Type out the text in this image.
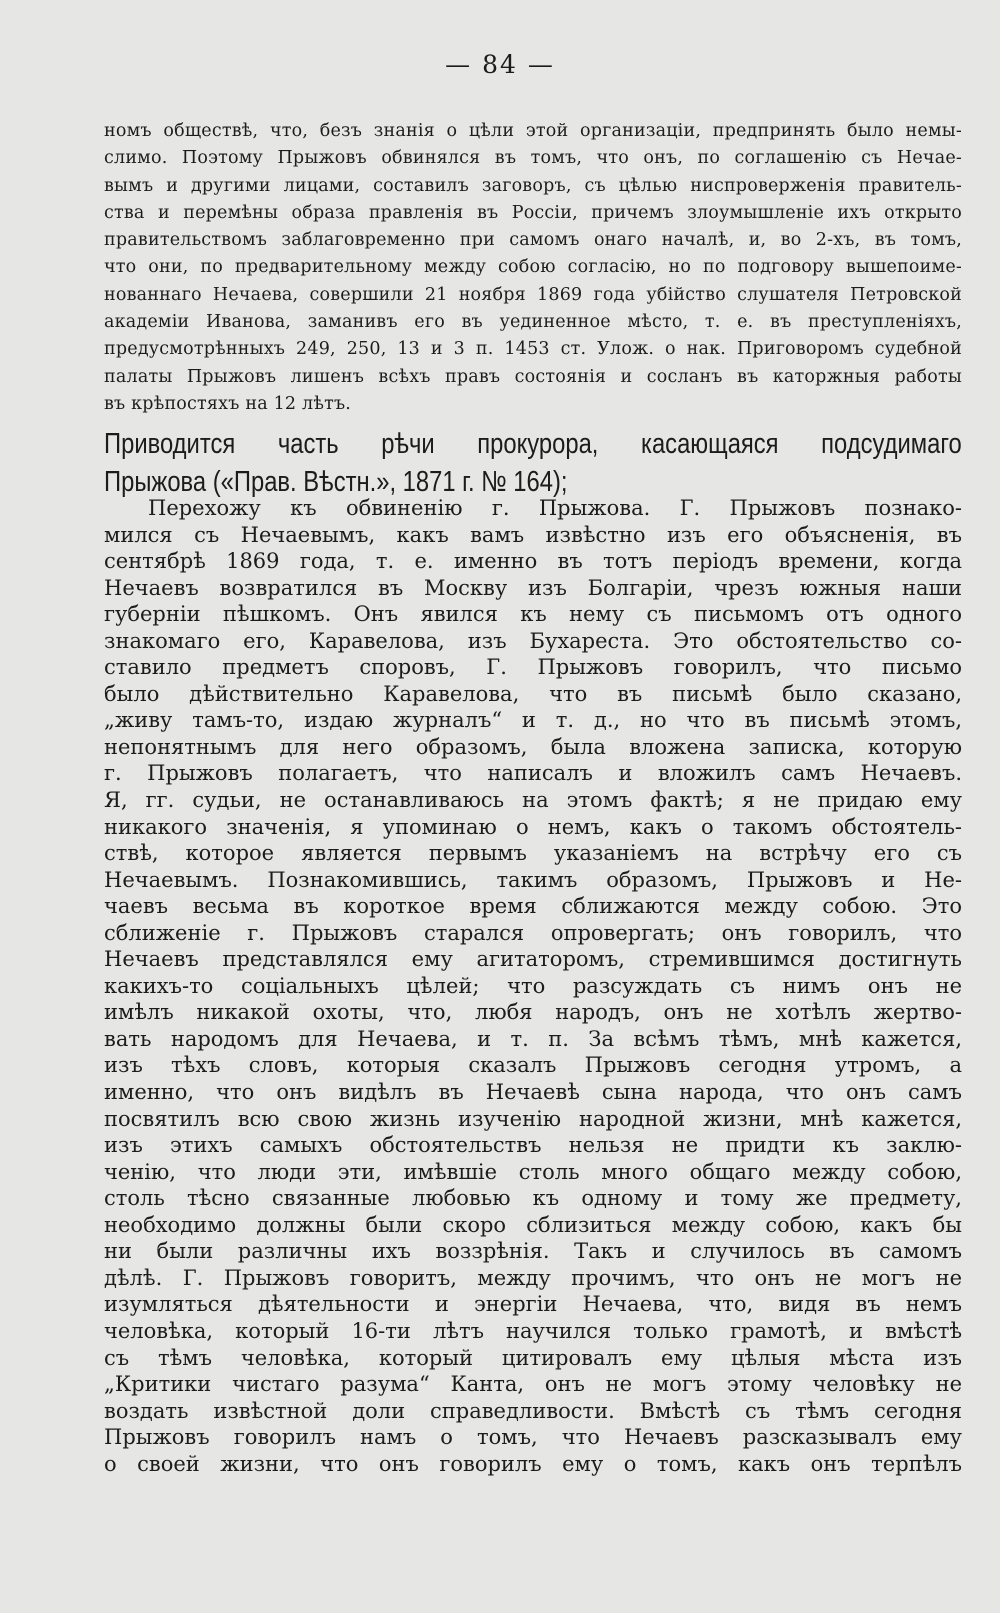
— 84 —
номъ обществѣ, что, безъ знанія о цѣли этой организаціи, предпринять было немы-
слимо. Поэтому Прыжовъ обвинялся въ томъ, что онъ, по соглашенію съ Нечае-
вымъ и другими лицами, составилъ заговоръ, съ цѣлью ниспроверженія правитель-
ства и перемѣны образа правленія въ Россіи, причемъ злоумышленіе ихъ открыто
правительствомъ заблаговременно при самомъ онаго началѣ, и, во 2-хъ, въ томъ,
что они, по предварительному между собою согласію, но по подговору вышепоиме-
нованнаго Нечаева, совершили 21 ноября 1869 года убійство слушателя Петровской
академіи Иванова, заманивъ его въ уединенное мѣсто, т. е. въ преступленіяхъ,
предусмотрѣнныхъ 249, 250, 13 и 3 п. 1453 ст. Улож. о нак. Приговоромъ судебной
палаты Прыжовъ лишенъ всѣхъ правъ состоянія и сосланъ въ каторжныя работы
въ крѣпостяхъ на 12 лѣтъ.
Приводится часть рѣчи прокурора, касающаяся подсудимаго
Прыжова («Прав. Вѣстн.», 1871 г. № 164);
Перехожу къ обвиненію г. Прыжова. Г. Прыжовъ познако-
мился съ Нечаевымъ, какъ вамъ извѣстно изъ его объясненія, въ
сентябрѣ 1869 года, т. е. именно въ тотъ періодъ времени, когда
Нечаевъ возвратился въ Москву изъ Болгаріи, чрезъ южныя наши
губерніи пѣшкомъ. Онъ явился къ нему съ письмомъ отъ одного
знакомаго его, Каравелова, изъ Бухареста. Это обстоятельство со-
ставило предметъ споровъ, Г. Прыжовъ говорилъ, что письмо
было дѣйствительно Каравелова, что въ письмѣ было сказано,
„живу тамъ-то, издаю журналъ“ и т. д., но что въ письмѣ этомъ,
непонятнымъ для него образомъ, была вложена записка, которую
г. Прыжовъ полагаетъ, что написалъ и вложилъ самъ Нечаевъ.
Я, гг. судьи, не останавливаюсь на этомъ фактѣ; я не придаю ему
никакого значенія, я упоминаю о немъ, какъ о такомъ обстоятель-
ствѣ, которое является первымъ указаніемъ на встрѣчу его съ
Нечаевымъ. Познакомившись, такимъ образомъ, Прыжовъ и Не-
чаевъ весьма въ короткое время сближаются между собою. Это
сближеніе г. Прыжовъ старался опровергать; онъ говорилъ, что
Нечаевъ представлялся ему агитаторомъ, стремившимся достигнуть
какихъ-то соціальныхъ цѣлей; что разсуждать съ нимъ онъ не
имѣлъ никакой охоты, что, любя народъ, онъ не хотѣлъ жертво-
вать народомъ для Нечаева, и т. п. За всѣмъ тѣмъ, мнѣ кажется,
изъ тѣхъ словъ, которыя сказалъ Прыжовъ сегодня утромъ, а
именно, что онъ видѣлъ въ Нечаевѣ сына народа, что онъ самъ
посвятилъ всю свою жизнь изученію народной жизни, мнѣ кажется,
изъ этихъ самыхъ обстоятельствъ нельзя не придти къ заклю-
ченію, что люди эти, имѣвшіе столь много общаго между собою,
столь тѣсно связанные любовью къ одному и тому же предмету,
необходимо должны были скоро сблизиться между собою, какъ бы
ни были различны ихъ воззрѣнія. Такъ и случилось въ самомъ
дѣлѣ. Г. Прыжовъ говоритъ, между прочимъ, что онъ не могъ не
изумляться дѣятельности и энергіи Нечаева, что, видя въ немъ
человѣка, который 16-ти лѣтъ научился только грамотѣ, и вмѣстѣ
съ тѣмъ человѣка, который цитировалъ ему цѣлыя мѣста изъ
„Критики чистаго разума“ Канта, онъ не могъ этому человѣку не
воздать извѣстной доли справедливости. Вмѣстѣ съ тѣмъ сегодня
Прыжовъ говорилъ намъ о томъ, что Нечаевъ разсказывалъ ему
о своей жизни, что онъ говорилъ ему о томъ, какъ онъ терпѣлъ
